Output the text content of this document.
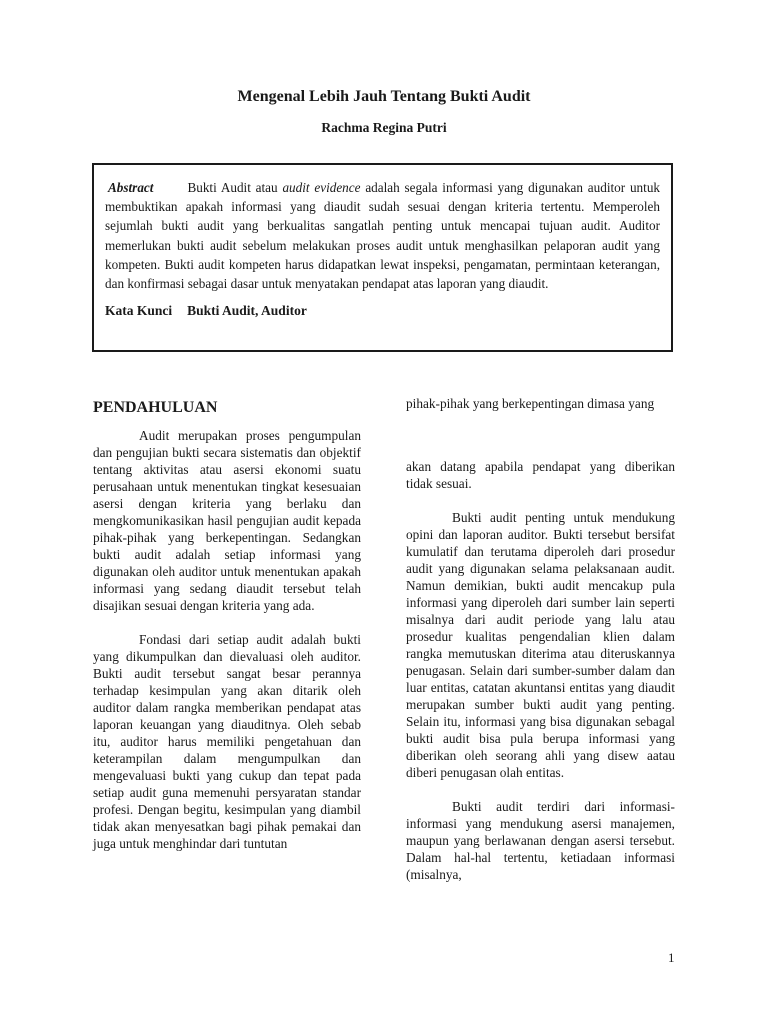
Mengenal Lebih Jauh Tentang Bukti Audit
Rachma Regina Putri

Abstract	Bukti Audit atau audit evidence adalah segala informasi yang digunakan auditor untuk membuktikan apakah informasi yang diaudit sudah sesuai dengan kriteria tertentu. Memperoleh sejumlah bukti audit yang berkualitas sangatlah penting untuk mencapai tujuan audit. Auditor memerlukan bukti audit sebelum melakukan proses audit untuk menghasilkan pelaporan audit yang kompeten. Bukti audit kompeten harus didapatkan lewat inspeksi, pengamatan, permintaan keterangan, dan konfirmasi sebagai dasar untuk menyatakan pendapat atas laporan yang diaudit.

Kata Kunci Bukti Audit, Auditor
PENDAHULUAN

Audit merupakan proses pengumpulan dan pengujian bukti secara sistematis dan objektif tentang aktivitas atau asersi ekonomi suatu perusahaan untuk menentukan tingkat kesesuaian asersi dengan kriteria yang berlaku dan mengkomunikasikan hasil pengujian audit kepada pihak-pihak yang berkepentingan. Sedangkan bukti audit adalah setiap informasi yang digunakan oleh auditor untuk menentukan apakah informasi yang sedang diaudit tersebut telah disajikan sesuai dengan kriteria yang ada.

Fondasi dari setiap audit adalah bukti yang dikumpulkan dan dievaluasi oleh auditor. Bukti audit tersebut sangat besar perannya terhadap kesimpulan yang akan ditarik oleh auditor dalam rangka memberikan pendapat atas laporan keuangan yang diauditnya. Oleh sebab itu, auditor harus memiliki pengetahuan dan keterampilan dalam mengumpulkan dan mengevaluasi bukti yang cukup dan tepat pada setiap audit guna memenuhi persyaratan standar profesi. Dengan begitu, kesimpulan yang diambil tidak akan menyesatkan bagi pihak pemakai dan juga untuk menghindar dari tuntutan

pihak-pihak yang berkepentingan dimasa yang

akan datang apabila pendapat yang diberikan tidak sesuai.

Bukti audit penting untuk mendukung opini dan laporan auditor. Bukti tersebut bersifat kumulatif dan terutama diperoleh dari prosedur audit yang digunakan selama pelaksanaan audit. Namun demikian, bukti audit mencakup pula informasi yang diperoleh dari sumber lain seperti misalnya dari audit periode yang lalu atau prosedur kualitas pengendalian klien dalam rangka memutuskan diterima atau diteruskannya penugasan. Selain dari sumber-sumber dalam dan luar entitas, catatan akuntansi entitas yang diaudit merupakan sumber bukti audit yang penting. Selain itu, informasi yang bisa digunakan sebagal bukti audit bisa pula berupa informasi yang diberikan oleh seorang ahli yang disew aatau diberi penugasan olah entitas.

Bukti audit terdiri dari informasi-informasi yang mendukung asersi manajemen, maupun yang berlawanan dengan asersi tersebut. Dalam hal-hal tertentu, ketiadaan informasi (misalnya,

1
